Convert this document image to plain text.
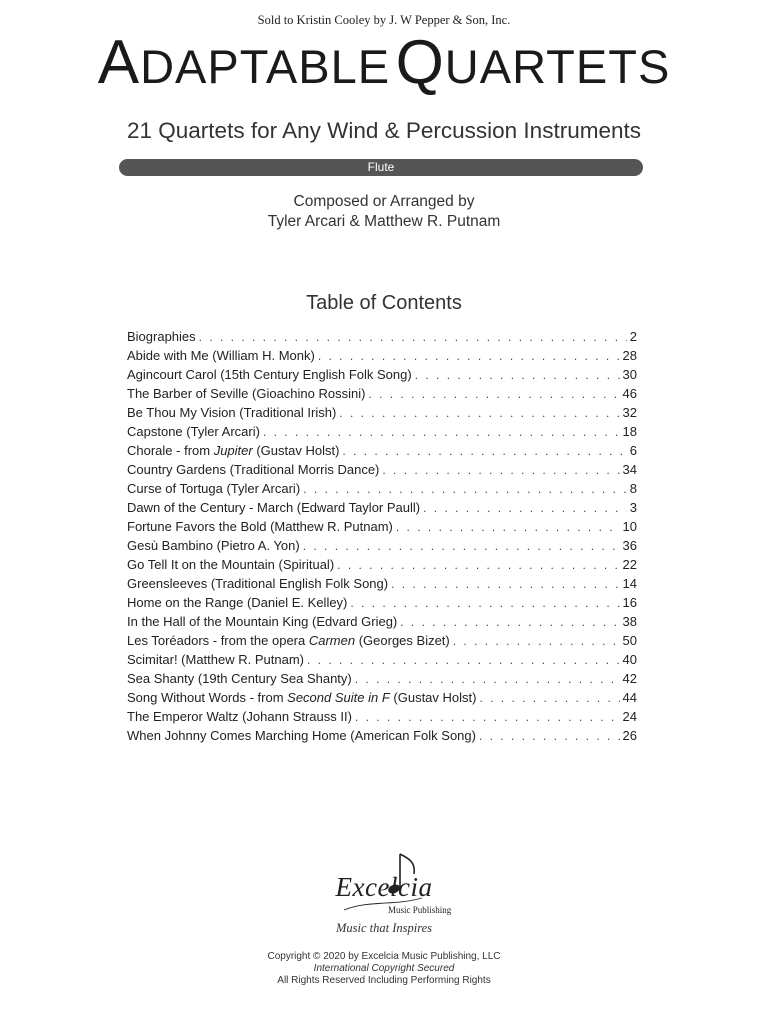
Sold to Kristin Cooley by J. W Pepper & Son, Inc.
ADAPTABLE QUARTETS
21 Quartets for Any Wind & Percussion Instruments
Flute
Composed or Arranged by
Tyler Arcari & Matthew R. Putnam
Table of Contents
Biographies . . .	2
Abide with Me (William H. Monk) . . .	28
Agincourt Carol (15th Century English Folk Song) . . .	30
The Barber of Seville (Gioachino Rossini) . . .	46
Be Thou My Vision (Traditional Irish) . . .	32
Capstone (Tyler Arcari) . . .	18
Chorale - from Jupiter (Gustav Holst) . . .	6
Country Gardens (Traditional Morris Dance) . . .	34
Curse of Tortuga (Tyler Arcari) . . .	8
Dawn of the Century - March (Edward Taylor Paull) . . .	3
Fortune Favors the Bold (Matthew R. Putnam) . . .	10
Gesù Bambino (Pietro A. Yon) . . .	36
Go Tell It on the Mountain (Spiritual) . . .	22
Greensleeves (Traditional English Folk Song) . . .	14
Home on the Range (Daniel E. Kelley) . . .	16
In the Hall of the Mountain King (Edvard Grieg) . . .	38
Les Toréadors - from the opera Carmen (Georges Bizet) . . .	50
Scimitar! (Matthew R. Putnam) . . .	40
Sea Shanty (19th Century Sea Shanty) . . .	42
Song Without Words - from Second Suite in F (Gustav Holst) . . .	44
The Emperor Waltz (Johann Strauss II) . . .	24
When Johnny Comes Marching Home (American Folk Song) . . .	26
Excelcia
Music Publishing
Music that Inspires
Copyright © 2020 by Excelcia Music Publishing, LLC
International Copyright Secured
All Rights Reserved Including Performing Rights
